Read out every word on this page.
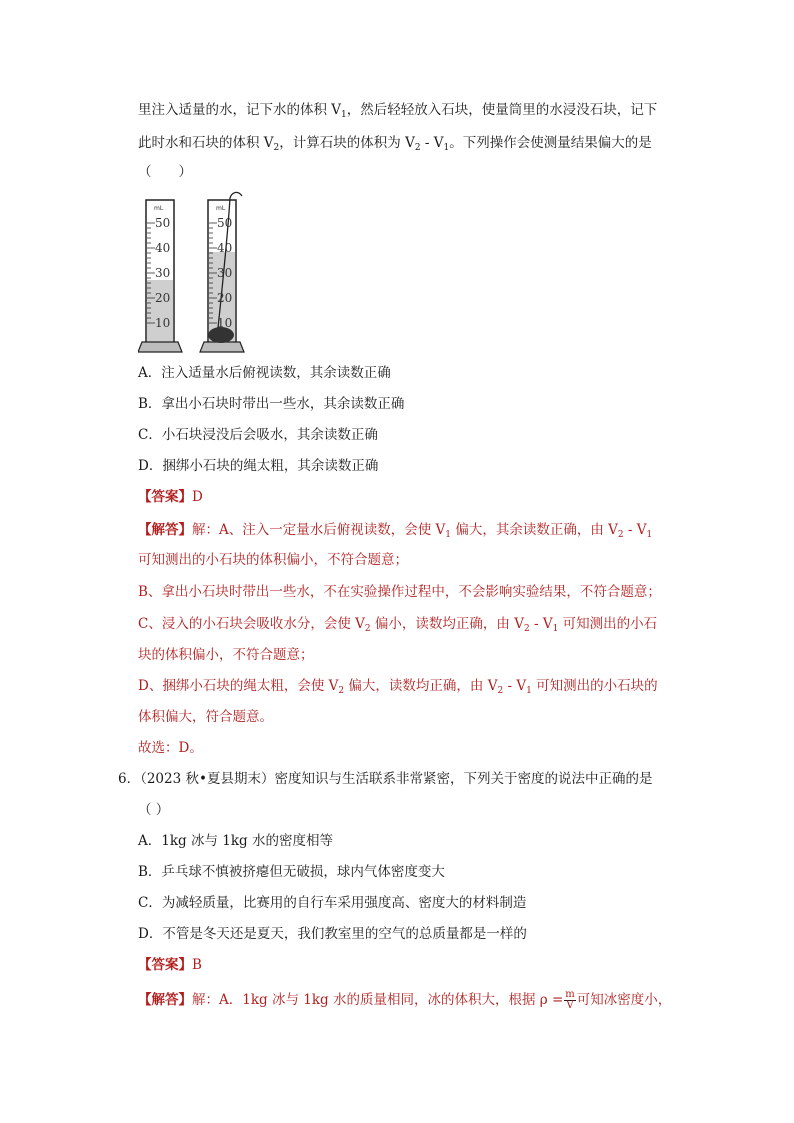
里注入适量的水，记下水的体积 $V_1$，然后轻轻放入石块，使量筒里的水浸没石块，记下
此时水和石块的体积 $V_2$，计算石块的体积为 $V_2 - V_1$。下列操作会使测量结果偏大的是
（　　）
mL
50
40
30
20
10
mL
50
40
30
20
10
A．注入适量水后俯视读数，其余读数正确
B．拿出小石块时带出一些水，其余读数正确
C．小石块浸没后会吸水，其余读数正确
D．捆绑小石块的绳太粗，其余读数正确
【答案】D
【解答】解：A、注入一定量水后俯视读数，会使 $V_1$ 偏大，其余读数正确，由 $V_2 - V_1$
可知测出的小石块的体积偏小，不符合题意；
B、拿出小石块时带出一些水，不在实验操作过程中，不会影响实验结果，不符合题意；
C、浸入的小石块会吸收水分，会使 $V_2$ 偏小，读数均正确，由 $V_2 - V_1$ 可知测出的小石
块的体积偏小，不符合题意；
D、捆绑小石块的绳太粗，会使 $V_2$ 偏大，读数均正确，由 $V_2 - V_1$ 可知测出的小石块的
体积偏大，符合题意。
故选：D。
6．（2023 秋•夏县期末）密度知识与生活联系非常紧密，下列关于密度的说法中正确的是
（ ）
A．1kg 冰与 1kg 水的密度相等
B．乒乓球不慎被挤瘪但无破损，球内气体密度变大
C．为减轻质量，比赛用的自行车采用强度高、密度大的材料制造
D．不管是冬天还是夏天，我们教室里的空气的总质量都是一样的
【答案】B
【解答】解：A．1kg 冰与 1kg 水的质量相同，冰的体积大，根据 $\rho = \frac{m}{V}$ 可知冰密度小，
